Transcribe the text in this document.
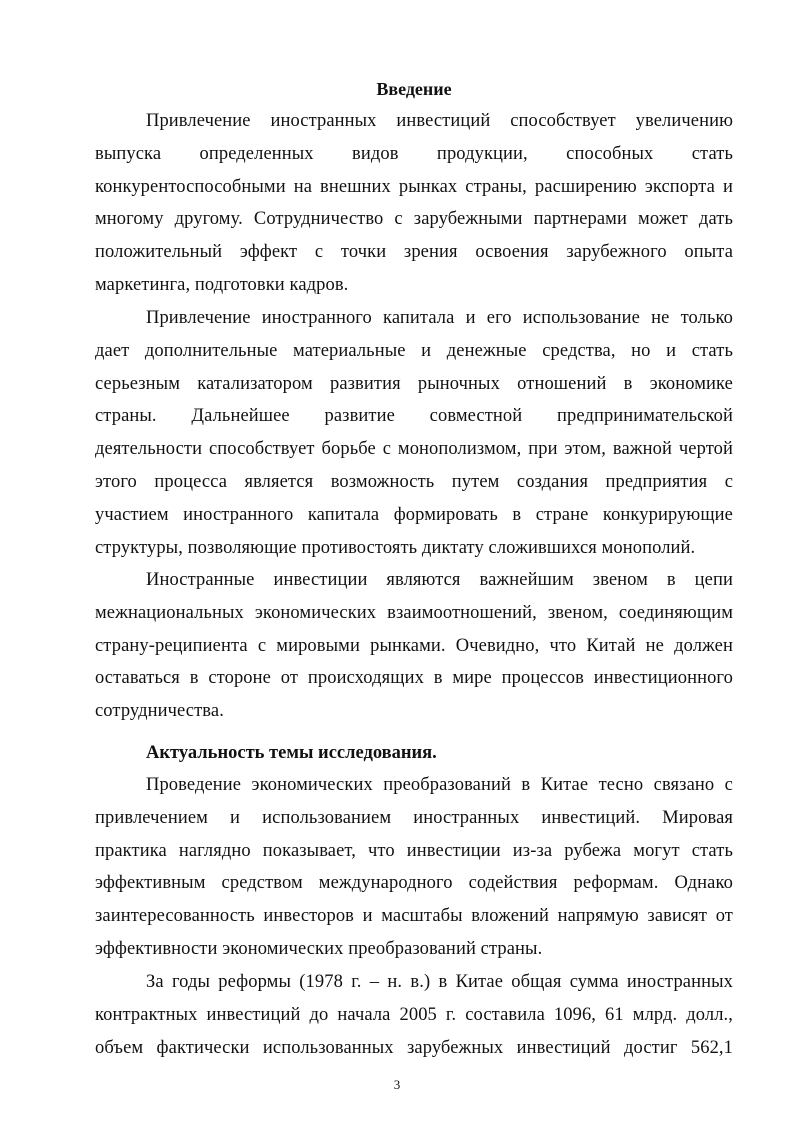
Введение
Привлечение иностранных инвестиций способствует увеличению
выпуска определенных видов продукции, способных стать
конкурентоспособными на внешних рынках страны, расширению экспорта и
многому другому. Сотрудничество с зарубежными партнерами может дать
положительный эффект с точки зрения освоения зарубежного опыта
маркетинга, подготовки кадров.
Привлечение иностранного капитала и его использование не только
дает дополнительные материальные и денежные средства, но и стать
серьезным катализатором развития рыночных отношений в экономике
страны. Дальнейшее развитие совместной предпринимательской
деятельности способствует борьбе с монополизмом, при этом, важной чертой
этого процесса является возможность путем создания предприятия с
участием иностранного капитала формировать в стране конкурирующие
структуры, позволяющие противостоять диктату сложившихся монополий.
Иностранные инвестиции являются важнейшим звеном в цепи
межнациональных экономических взаимоотношений, звеном, соединяющим
страну-реципиента с мировыми рынками. Очевидно, что Китай не должен
оставаться в стороне от происходящих в мире процессов инвестиционного
сотрудничества.
Актуальность темы исследования.
Проведение экономических преобразований в Китае тесно связано с
привлечением и использованием иностранных инвестиций. Мировая
практика наглядно показывает, что инвестиции из-за рубежа могут стать
эффективным средством международного содействия реформам. Однако
заинтересованность инвесторов и масштабы вложений напрямую зависят от
эффективности экономических преобразований страны.
За годы реформы (1978 г. – н. в.) в Китае общая сумма иностранных
контрактных инвестиций до начала 2005 г. составила 1096, 61 млрд. долл.,
объем фактически использованных зарубежных инвестиций достиг 562,1
3
